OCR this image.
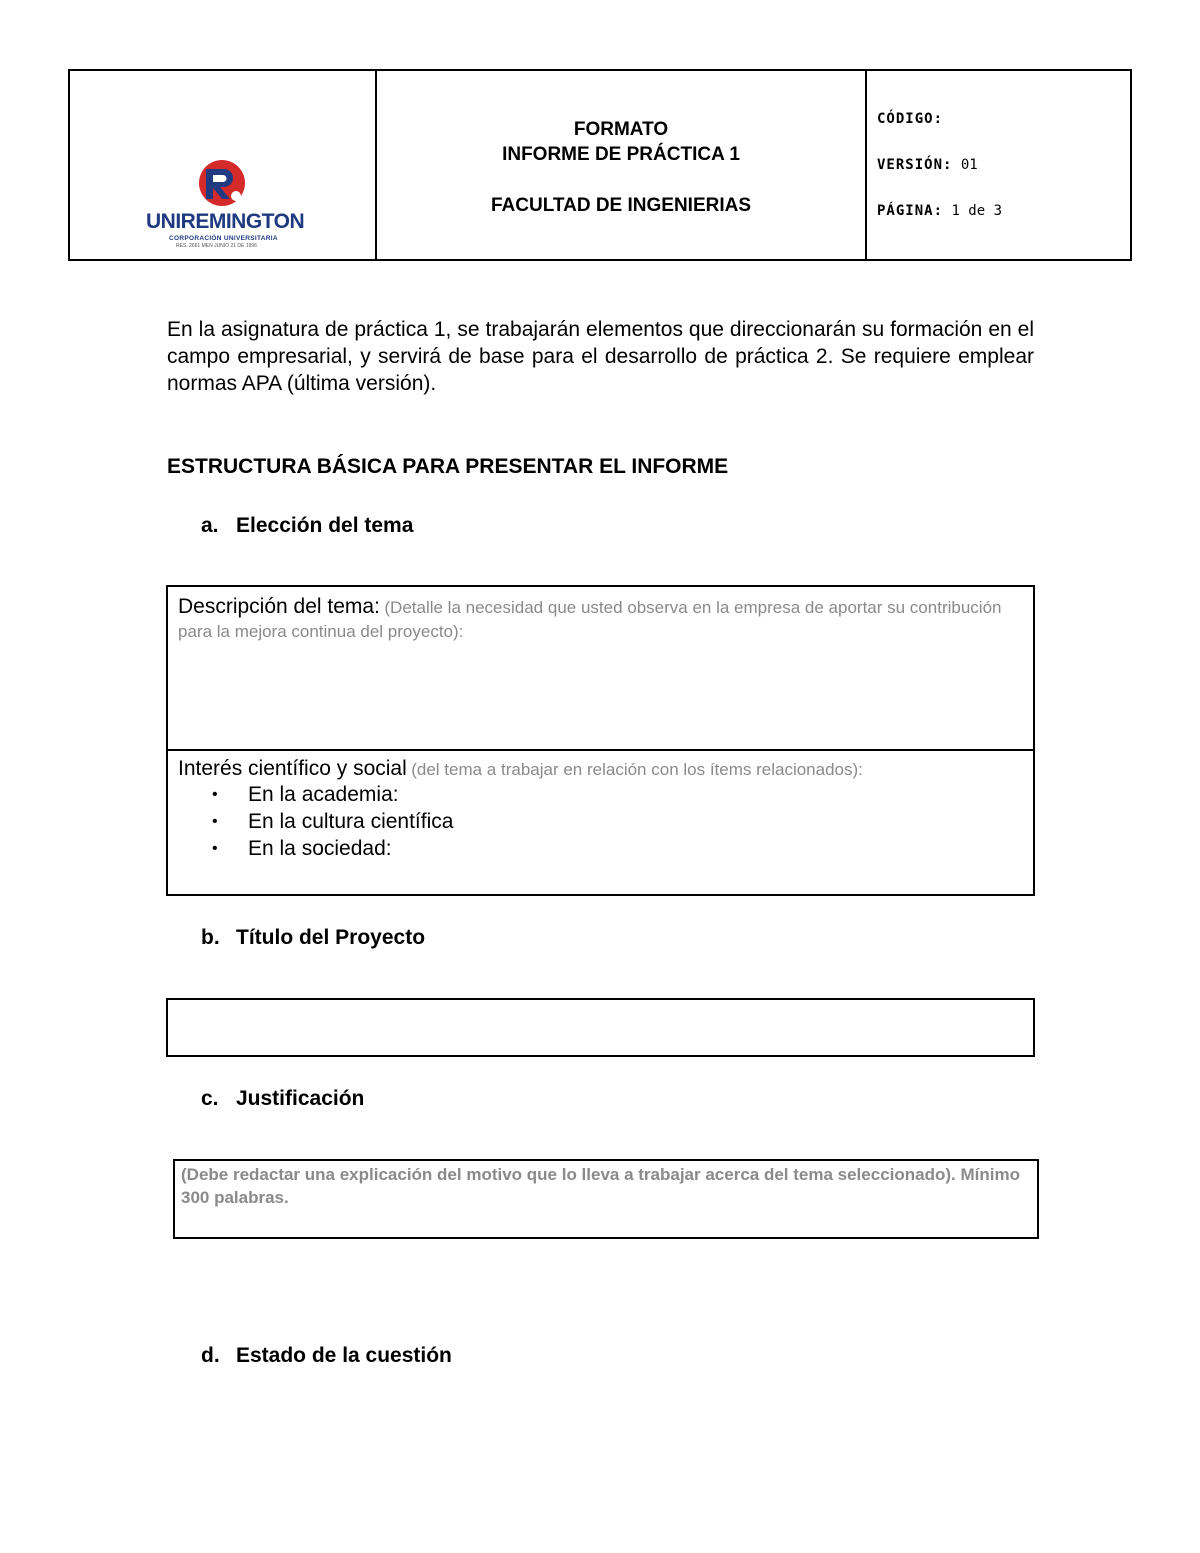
UNIREMINGTON
CORPORACIÓN UNIVERSITARIA
RES. 2661 MEN JUNIO 21 DE 1996
FORMATO
INFORME DE PRÁCTICA 1
FACULTAD DE INGENIERIAS
CÓDIGO:
VERSIÓN: 01
PÁGINA: 1 de 3
En la asignatura de práctica 1, se trabajarán elementos que direccionarán su formación en el campo empresarial, y servirá de base para el desarrollo de práctica 2. Se requiere emplear normas APA (última versión).
ESTRUCTURA BÁSICA PARA PRESENTAR EL INFORME
a. Elección del tema
Descripción del tema: (Detalle la necesidad que usted observa en la empresa de aportar su contribución para la mejora continua del proyecto):
Interés científico y social (del tema a trabajar en relación con los ítems relacionados):
• En la academia:
• En la cultura científica
• En la sociedad:
b. Título del Proyecto
c. Justificación
(Debe redactar una explicación del motivo que lo lleva a trabajar acerca del tema seleccionado). Mínimo 300 palabras.
d. Estado de la cuestión
